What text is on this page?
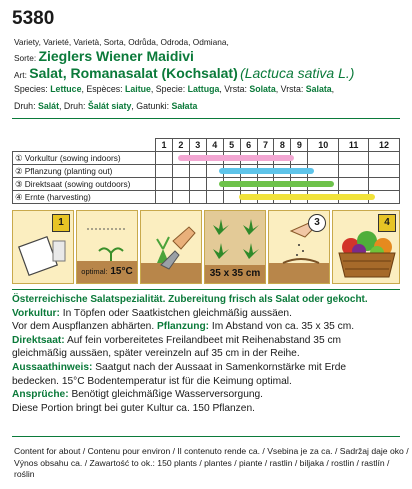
5380
Variety, Varieté, Varietà, Sorta, Odrůda, Odroda, Odmiana,
Sorte: Zieglers Wiener Maidivi
Art: Salat, Romanasalat (Kochsalat) (Lactuca sativa L.)
Species: Lettuce, Espèces: Laitue, Specie: Lattuga, Vrsta: Solata, Vrsta: Salata,
Druh: Salát, Druh: Šalát siaty, Gatunki: Sałata
	1	2	3	4	5	6	7	8	9	10	11	12
① Vorkultur (sowing indoors)												
② Pflanzung (planting out)												
③ Direktsaat (sowing outdoors)												
④ Ernte (harvesting)												
1
optimal: 15°C	35 x 35 cm
3	4
Österreichische Salatspezialität. Zubereitung frisch als Salat oder gekocht.
Vorkultur: In Töpfen oder Saatkistchen gleichmäßig aussäen.
Vor dem Auspflanzen abhärten. Pflanzung: Im Abstand von ca. 35 x 35 cm.
Direktsaat: Auf fein vorbereitetes Freilandbeet mit Reihenabstand 35 cm
gleichmäßig aussäen, später vereinzeln auf 35 cm in der Reihe.
Aussaathinweis: Saatgut nach der Aussaat in Samenkornstärke mit Erde
bedecken. 15°C Bodentemperatur ist für die Keimung optimal.
Ansprüche: Benötigt gleichmäßige Wasserversorgung.
Diese Portion bringt bei guter Kultur ca. 150 Pflanzen.
Content for about / Contenu pour environ / Il contenuto rende ca. / Vsebina je za ca. / Sadržaj daje oko /
Výnos obsahu ca. / Zawartość to ok.: 150 plants / plantes / piante / rastlin / biljaka / rostlin / rastlín / roślin
